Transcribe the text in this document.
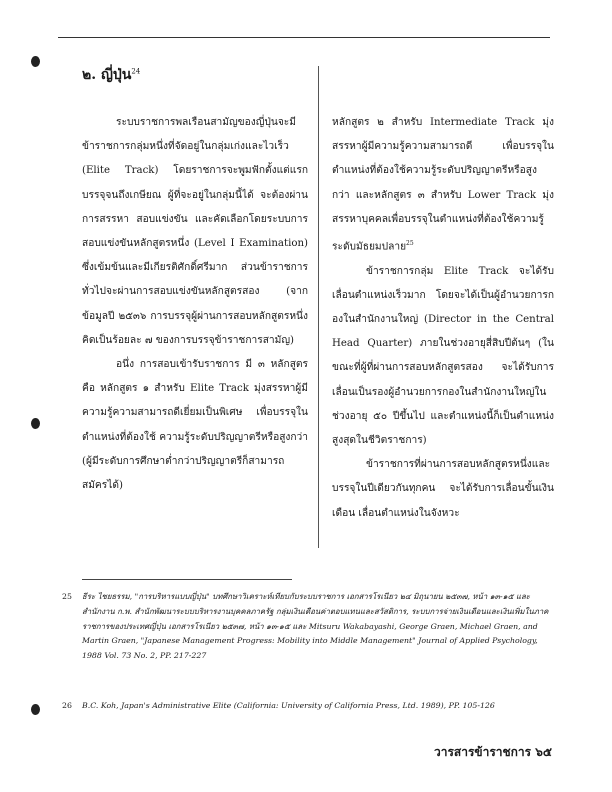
๒. ญี่ปุ่น$^{24}$

ระบบราชการพลเรือนสามัญของญี่ปุ่นจะมีข้าราชการกลุ่มหนึ่งที่จัดอยู่ในกลุ่มเก่งและไวเร็ว (Elite Track) โดยราชการจะพูมฟักตั้งแต่แรกบรรจุจนถึงเกษียณ ผู้ที่จะอยู่ในกลุ่มนี้ได้ จะต้องผ่านการสรรหา สอบแข่งขัน และคัดเลือกโดยระบบการสอบแข่งขันหลักสูตรหนึ่ง (Level I Examination) ซึ่งเข้มข้นและมีเกียรติศักดิ์ศรีมาก ส่วนข้าราชการทั่วไปจะผ่านการสอบแข่งขันหลักสูตรสอง (จากข้อมูลปี ๒๕๓๖ การบรรจุผู้ผ่านการสอบหลักสูตรหนึ่งคิดเป็นร้อยละ ๗ ของการบรรจุข้าราชการสามัญ)

อนึ่ง การสอบเข้ารับราชการ มี ๓ หลักสูตร คือ หลักสูตร ๑ สำหรับ Elite Track มุ่งสรรหาผู้มีความรู้ความสามารถดีเยี่ยมเป็นพิเศษ เพื่อบรรจุในตำแหน่งที่ต้องใช้ ความรู้ระดับปริญญาตรีหรือสูงกว่า (ผู้มีระดับการศึกษาต่ำกว่าปริญญาตรีก็สามารถสมัครได้)

หลักสูตร ๒ สำหรับ Intermediate Track มุ่งสรรหาผู้มีความรู้ความสามารถดี เพื่อบรรจุในตำแหน่งที่ต้องใช้ความรู้ระดับปริญญาตรีหรือสูงกว่า และหลักสูตร ๓ สำหรับ Lower Track มุ่งสรรหาบุคคลเพื่อบรรจุในตำแหน่งที่ต้องใช้ความรู้ระดับมัธยมปลาย$^{25}$

ข้าราชการกลุ่ม Elite Track จะได้รับเลื่อนตำแหน่งเร็วมาก โดยจะได้เป็นผู้อำนวยการกองในสำนักงานใหญ่ (Director in the Central Head Quarter) ภายในช่วงอายุสี่สิบปีต้นๆ (ในขณะที่ผู้ที่ผ่านการสอบหลักสูตรสอง จะได้รับการเลื่อนเป็นรองผู้อำนวยการกองในสำนักงานใหญ่ในช่วงอายุ ๕๐ ปีขึ้นไป และตำแหน่งนี้ก็เป็นตำแหน่งสูงสุดในชีวิตราชการ)

ข้าราชการที่ผ่านการสอบหลักสูตรหนึ่งและบรรจุในปีเดียวกันทุกคน จะได้รับการเลื่อนขั้นเงินเดือน เลื่อนตำแหน่งในจังหวะ

25 ธีระ ไชยธรรม, "การบริหารแบบญี่ปุ่น" บทศึกษาวิเคราะห์เทียบกับระบบราชการ เอกสารโรเนียว ๒๔ มิถุนายน ๒๕๓๗, หน้า ๑๓-๑๕ และสำนักงาน ก.พ. สำนักพัฒนาระบบบริหารงานบุคคลภาครัฐ กลุ่มเงินเดือนค่าตอบแทนและสวัสดิการ, ระบบการจ่ายเงินเดือนและเงินเพิ่มในภาคราชการของประเทศญี่ปุ่น เอกสารโรเนียว ๒๕๓๗, หน้า ๑๓-๑๕ และ Mitsuru Wakabayashi, George Graen, Michael Graen, and Martin Graen, "Japanese Management Progress: Mobility into Middle Management" Journal of Applied Psychology, 1988 Vol. 73 No. 2, PP. 217-227

26 B.C. Koh, Japan's Administrative Elite (California: University of California Press, Ltd. 1989), PP. 105-126

วารสารข้าราชการ ๖๕
